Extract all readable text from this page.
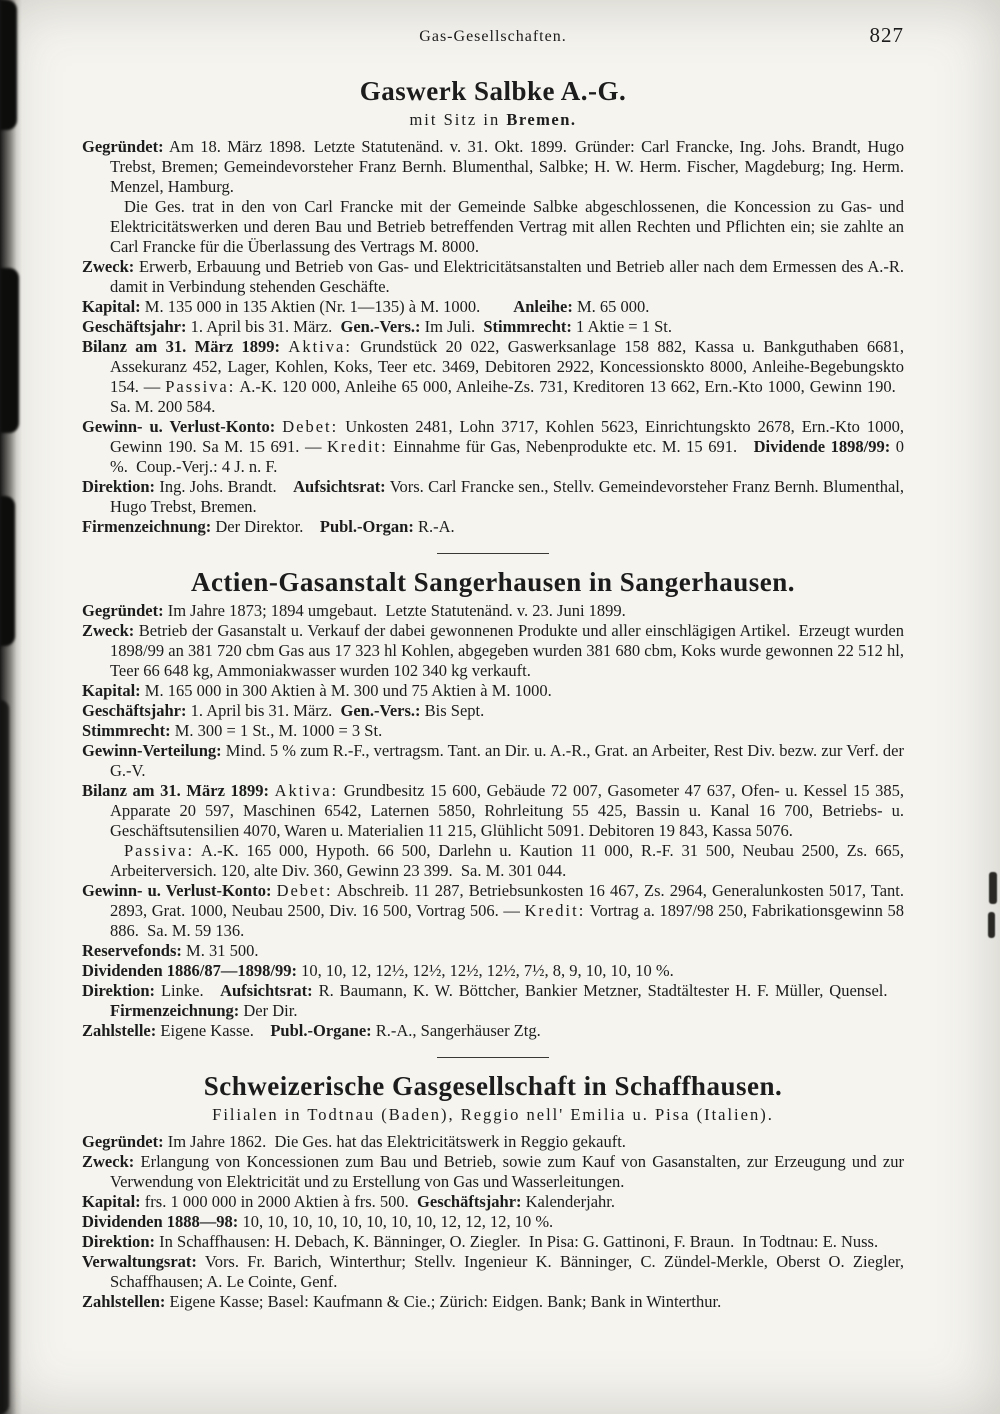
Gas-Gesellschaften.	827
Gaswerk Salbke A.-G.
mit Sitz in Bremen.

Gegründet: Am 18. März 1898. Letzte Statutenänd. v. 31. Okt. 1899. Gründer: Carl Francke, Ing. Johs. Brandt, Hugo Trebst, Bremen; Gemeindevorsteher Franz Bernh. Blumenthal, Salbke; H. W. Herm. Fischer, Magdeburg; Ing. Herm. Menzel, Hamburg.

Die Ges. trat in den von Carl Francke mit der Gemeinde Salbke abgeschlossenen, die Koncession zu Gas- und Elektricitätswerken und deren Bau und Betrieb betreffenden Vertrag mit allen Rechten und Pflichten ein; sie zahlte an Carl Francke für die Überlassung des Vertrags M. 8000.

Zweck: Erwerb, Erbauung und Betrieb von Gas- und Elektricitätsanstalten und Betrieb aller nach dem Ermessen des A.-R. damit in Verbindung stehenden Geschäfte.

Kapital: M. 135 000 in 135 Aktien (Nr. 1—135) à M. 1000.  Anleihe: M. 65 000.

Geschäftsjahr: 1. April bis 31. März. Gen.-Vers.: Im Juli. Stimmrecht: 1 Aktie = 1 St.

Bilanz am 31. März 1899: Aktiva: Grundstück 20 022, Gaswerksanlage 158 882, Kassa u. Bankguthaben 6681, Assekuranz 452, Lager, Kohlen, Koks, Teer etc. 3469, Debitoren 2922, Koncessionskto 8000, Anleihe-Begebungskto 154. — Passiva: A.-K. 120 000, Anleihe 65 000, Anleihe-Zs. 731, Kreditoren 13 662, Ern.-Kto 1000, Gewinn 190. Sa. M. 200 584.

Gewinn- u. Verlust-Konto: Debet: Unkosten 2481, Lohn 3717, Kohlen 5623, Einrichtungskto 2678, Ern.-Kto 1000, Gewinn 190. Sa M. 15 691. — Kredit: Einnahme für Gas, Nebenprodukte etc. M. 15 691. Dividende 1898/99: 0 %. Coup.-Verj.: 4 J. n. F.

Direktion: Ing. Johs. Brandt. Aufsichtsrat: Vors. Carl Francke sen., Stellv. Gemeindevorsteher Franz Bernh. Blumenthal, Hugo Trebst, Bremen.

Firmenzeichnung: Der Direktor. Publ.-Organ: R.-A.

Actien-Gasanstalt Sangerhausen in Sangerhausen.

Gegründet: Im Jahre 1873; 1894 umgebaut. Letzte Statutenänd. v. 23. Juni 1899.

Zweck: Betrieb der Gasanstalt u. Verkauf der dabei gewonnenen Produkte und aller einschlägigen Artikel. Erzeugt wurden 1898/99 an 381 720 cbm Gas aus 17 323 hl Kohlen, abgegeben wurden 381 680 cbm, Koks wurde gewonnen 22 512 hl, Teer 66 648 kg, Ammoniakwasser wurden 102 340 kg verkauft.

Kapital: M. 165 000 in 300 Aktien à M. 300 und 75 Aktien à M. 1000.

Geschäftsjahr: 1. April bis 31. März. Gen.-Vers.: Bis Sept.

Stimmrecht: M. 300 = 1 St., M. 1000 = 3 St.

Gewinn-Verteilung: Mind. 5 % zum R.-F., vertragsm. Tant. an Dir. u. A.-R., Grat. an Arbeiter, Rest Div. bezw. zur Verf. der G.-V.

Bilanz am 31. März 1899: Aktiva: Grundbesitz 15 600, Gebäude 72 007, Gasometer 47 637, Ofen- u. Kessel 15 385, Apparate 20 597, Maschinen 6542, Laternen 5850, Rohrleitung 55 425, Bassin u. Kanal 16 700, Betriebs- u. Geschäftsutensilien 4070, Waren u. Materialien 11 215, Glühlicht 5091. Debitoren 19 843, Kassa 5076.

Passiva: A.-K. 165 000, Hypoth. 66 500, Darlehn u. Kaution 11 000, R.-F. 31 500, Neubau 2500, Zs. 665, Arbeiterversich. 120, alte Div. 360, Gewinn 23 399. Sa. M. 301 044.

Gewinn- u. Verlust-Konto: Debet: Abschreib. 11 287, Betriebsunkosten 16 467, Zs. 2964, Generalunkosten 5017, Tant. 2893, Grat. 1000, Neubau 2500, Div. 16 500, Vortrag 506. — Kredit: Vortrag a. 1897/98 250, Fabrikationsgewinn 58 886. Sa. M. 59 136.

Reservefonds: M. 31 500.

Dividenden 1886/87—1898/99: 10, 10, 12, 12½, 12½, 12½, 12½, 7½, 8, 9, 10, 10, 10 %.

Direktion: Linke. Aufsichtsrat: R. Baumann, K. W. Böttcher, Bankier Metzner, Stadtältester H. F. Müller, Quensel. Firmenzeichnung: Der Dir.

Zahlstelle: Eigene Kasse. Publ.-Organe: R.-A., Sangerhäuser Ztg.

Schweizerische Gasgesellschaft in Schaffhausen.
Filialen in Todtnau (Baden), Reggio nell' Emilia u. Pisa (Italien).

Gegründet: Im Jahre 1862. Die Ges. hat das Elektricitätswerk in Reggio gekauft.

Zweck: Erlangung von Koncessionen zum Bau und Betrieb, sowie zum Kauf von Gasanstalten, zur Erzeugung und zur Verwendung von Elektricität und zu Erstellung von Gas und Wasserleitungen.

Kapital: frs. 1 000 000 in 2000 Aktien à frs. 500. Geschäftsjahr: Kalenderjahr.

Dividenden 1888—98: 10, 10, 10, 10, 10, 10, 10, 10, 12, 12, 12, 10 %.

Direktion: In Schaffhausen: H. Debach, K. Bänninger, O. Ziegler. In Pisa: G. Gattinoni, F. Braun. In Todtnau: E. Nuss.

Verwaltungsrat: Vors. Fr. Barich, Winterthur; Stellv. Ingenieur K. Bänninger, C. Zündel-Merkle, Oberst O. Ziegler, Schaffhausen; A. Le Cointe, Genf.

Zahlstellen: Eigene Kasse; Basel: Kaufmann & Cie.; Zürich: Eidgen. Bank; Bank in Winterthur.
